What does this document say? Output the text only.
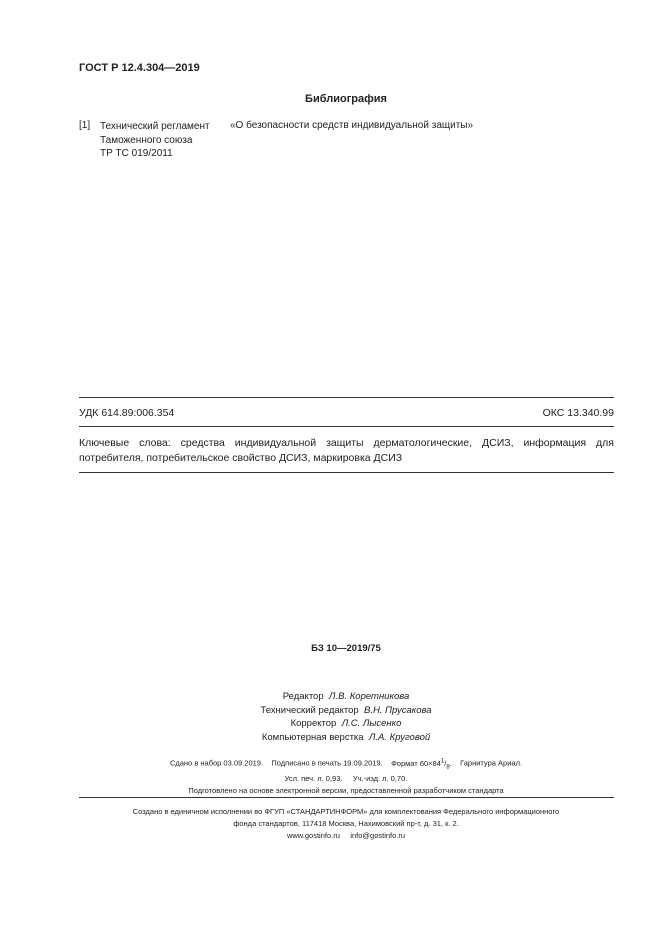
ГОСТ Р 12.4.304—2019
Библиография
[1] Технический регламент
Таможенного союза
ТР ТС 019/2011
«О безопасности средств индивидуальной защиты»
УДК 614.89:006.354	ОКС 13.340.99
Ключевые слова: средства индивидуальной защиты дерматологические, ДСИЗ, информация для потребителя, потребительское свойство ДСИЗ, маркировка ДСИЗ
БЗ 10—2019/75
Редактор Л.В. Коретникова
Технический редактор В.Н. Прусакова
Корректор Л.С. Лысенко
Компьютерная верстка Л.А. Круговой
Сдано в набор 03.09.2019. Подписано в печать 19.09.2019. Формат $60\times 84^1/_8$. Гарнитура Ариал.
Усл. печ. л. 0,93. Уч.-изд. л. 0,70.
Подготовлено на основе электронной версии, предоставленной разработчиком стандарта
Создано в единичном исполнении во ФГУП «СТАНДАРТИНФОРМ» для комплектования Федерального информационного
фонда стандартов, 117418 Москва, Нахимовский пр-т, д. 31, к. 2.
www.gostinfo.ru info@gostinfo.ru
